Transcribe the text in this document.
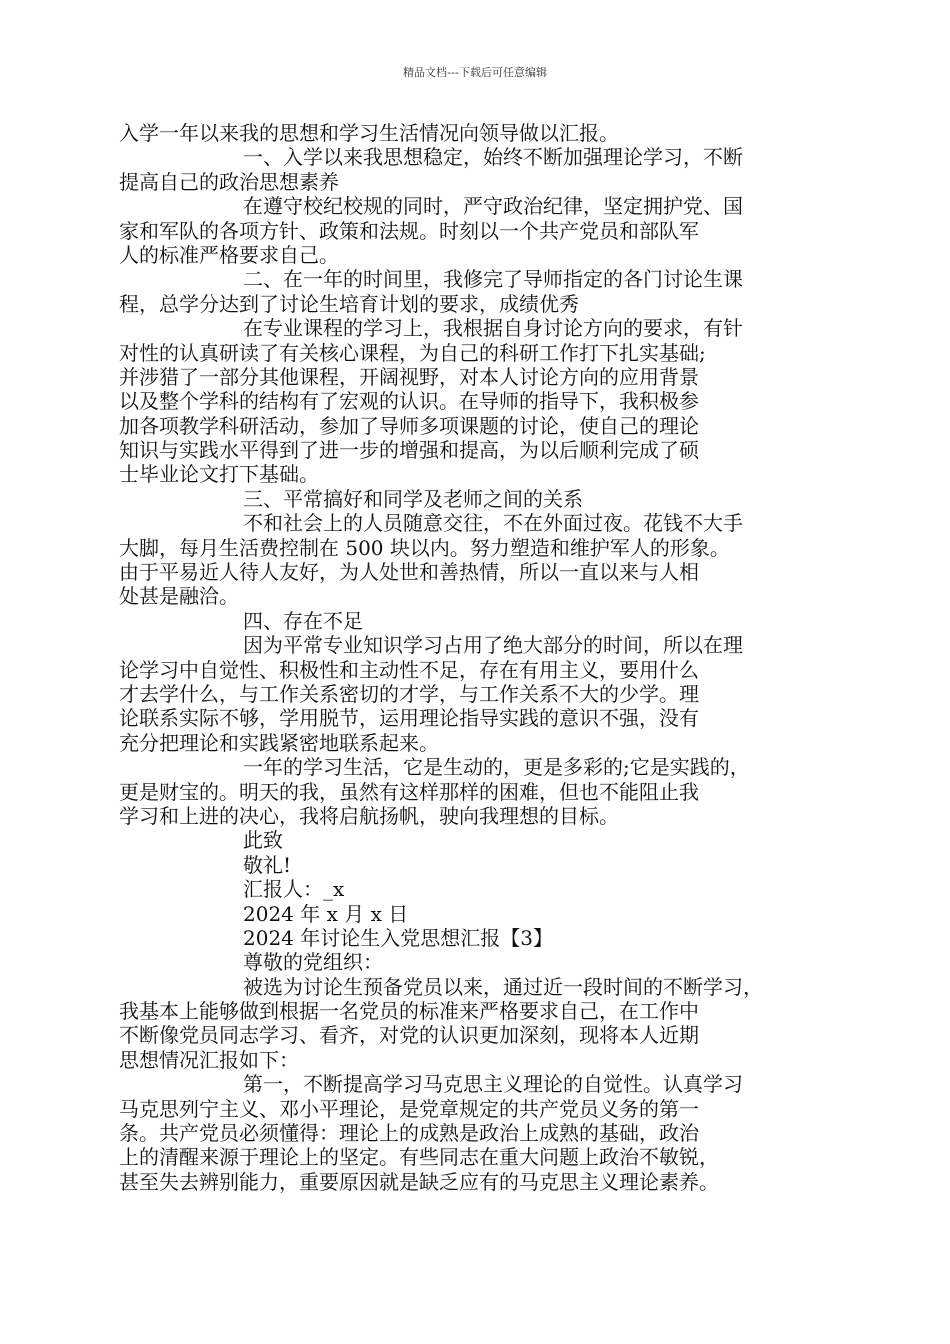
精品文档---下载后可任意编辑
入学一年以来我的思想和学习生活情况向领导做以汇报。
一、入学以来我思想稳定，始终不断加强理论学习，不断
提高自己的政治思想素养
在遵守校纪校规的同时，严守政治纪律，坚定拥护党、国
家和军队的各项方针、政策和法规。时刻以一个共产党员和部队军
人的标准严格要求自己。
二、在一年的时间里，我修完了导师指定的各门讨论生课
程，总学分达到了讨论生培育计划的要求，成绩优秀
在专业课程的学习上，我根据自身讨论方向的要求，有针
对性的认真研读了有关核心课程，为自己的科研工作打下扎实基础;
并涉猎了一部分其他课程，开阔视野，对本人讨论方向的应用背景
以及整个学科的结构有了宏观的认识。在导师的指导下，我积极参
加各项教学科研活动，参加了导师多项课题的讨论，使自己的理论
知识与实践水平得到了进一步的增强和提高，为以后顺利完成了硕
士毕业论文打下基础。
三、平常搞好和同学及老师之间的关系
不和社会上的人员随意交往，不在外面过夜。花钱不大手
大脚，每月生活费控制在 500 块以内。努力塑造和维护军人的形象。
由于平易近人待人友好，为人处世和善热情，所以一直以来与人相
处甚是融洽。
四、存在不足
因为平常专业知识学习占用了绝大部分的时间，所以在理
论学习中自觉性、积极性和主动性不足，存在有用主义，要用什么
才去学什么，与工作关系密切的才学，与工作关系不大的少学。理
论联系实际不够，学用脱节，运用理论指导实践的意识不强，没有
充分把理论和实践紧密地联系起来。
一年的学习生活，它是生动的，更是多彩的;它是实践的，
更是财宝的。明天的我，虽然有这样那样的困难，但也不能阻止我
学习和上进的决心，我将启航扬帆，驶向我理想的目标。
此致
敬礼!
汇报人：_x
2024 年 x 月 x 日
2024 年讨论生入党思想汇报【3】
尊敬的党组织：
被选为讨论生预备党员以来，通过近一段时间的不断学习，
我基本上能够做到根据一名党员的标准来严格要求自己，在工作中
不断像党员同志学习、看齐，对党的认识更加深刻，现将本人近期
思想情况汇报如下：
第一，不断提高学习马克思主义理论的自觉性。认真学习
马克思列宁主义、邓小平理论，是党章规定的共产党员义务的第一
条。共产党员必须懂得：理论上的成熟是政治上成熟的基础，政治
上的清醒来源于理论上的坚定。有些同志在重大问题上政治不敏锐，
甚至失去辨别能力，重要原因就是缺乏应有的马克思主义理论素养。
